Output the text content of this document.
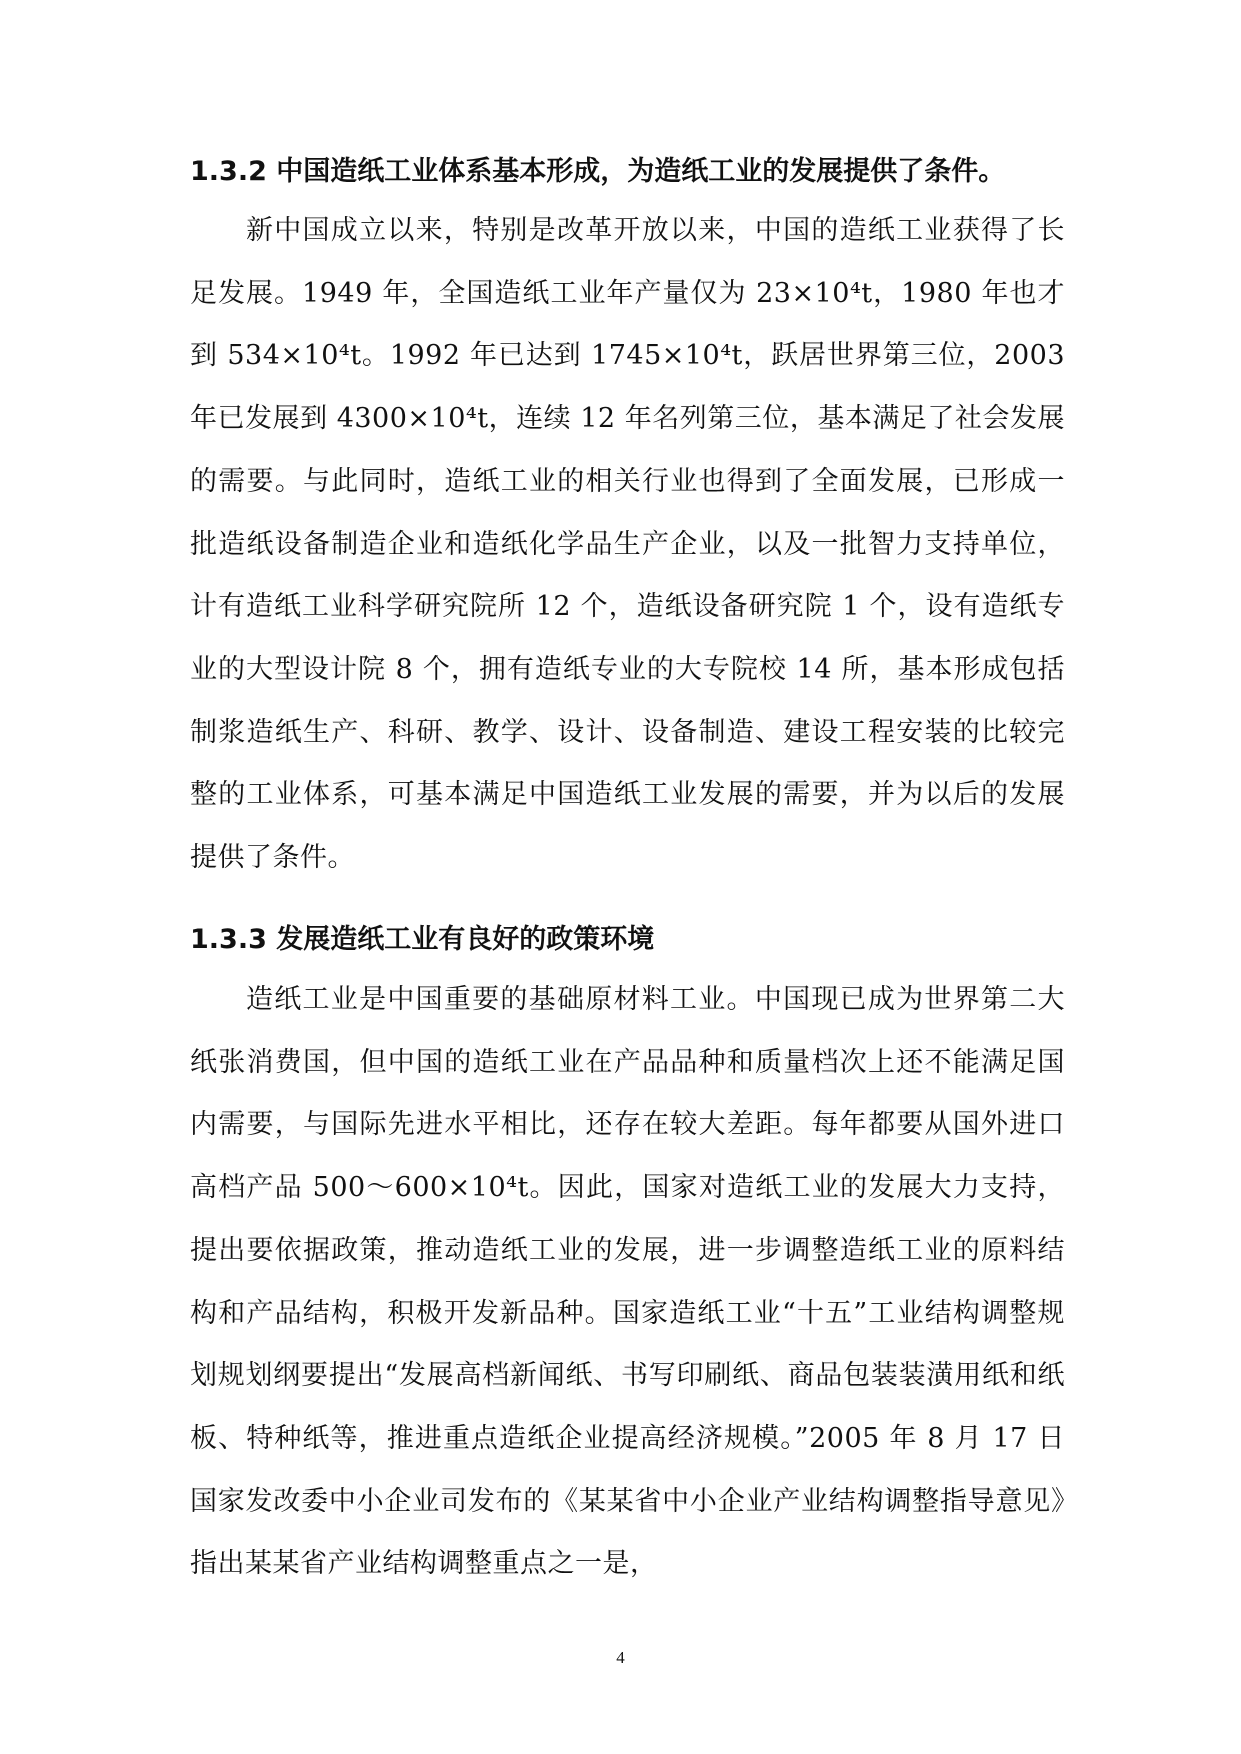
1.3.2 中国造纸工业体系基本形成，为造纸工业的发展提供了条件。
新中国成立以来，特别是改革开放以来，中国的造纸工业获得了长足发展。1949 年，全国造纸工业年产量仅为 23×10⁴t，1980 年也才到 534×10⁴t。1992 年已达到 1745×10⁴t，跃居世界第三位，2003 年已发展到 4300×10⁴t，连续 12 年名列第三位，基本满足了社会发展的需要。与此同时，造纸工业的相关行业也得到了全面发展，已形成一批造纸设备制造企业和造纸化学品生产企业，以及一批智力支持单位，计有造纸工业科学研究院所 12 个，造纸设备研究院 1 个，设有造纸专业的大型设计院 8 个，拥有造纸专业的大专院校 14 所，基本形成包括制浆造纸生产、科研、教学、设计、设备制造、建设工程安装的比较完整的工业体系，可基本满足中国造纸工业发展的需要，并为以后的发展提供了条件。
1.3.3 发展造纸工业有良好的政策环境
造纸工业是中国重要的基础原材料工业。中国现已成为世界第二大纸张消费国，但中国的造纸工业在产品品种和质量档次上还不能满足国内需要，与国际先进水平相比，还存在较大差距。每年都要从国外进口高档产品 500～600×10⁴t。因此，国家对造纸工业的发展大力支持，提出要依据政策，推动造纸工业的发展，进一步调整造纸工业的原料结构和产品结构，积极开发新品种。国家造纸工业“十五”工业结构调整规划规划纲要提出“发展高档新闻纸、书写印刷纸、商品包装装潢用纸和纸板、特种纸等，推进重点造纸企业提高经济规模。”2005 年 8 月 17 日国家发改委中小企业司发布的《某某省中小企业产业结构调整指导意见》指出某某省产业结构调整重点之一是，
4
